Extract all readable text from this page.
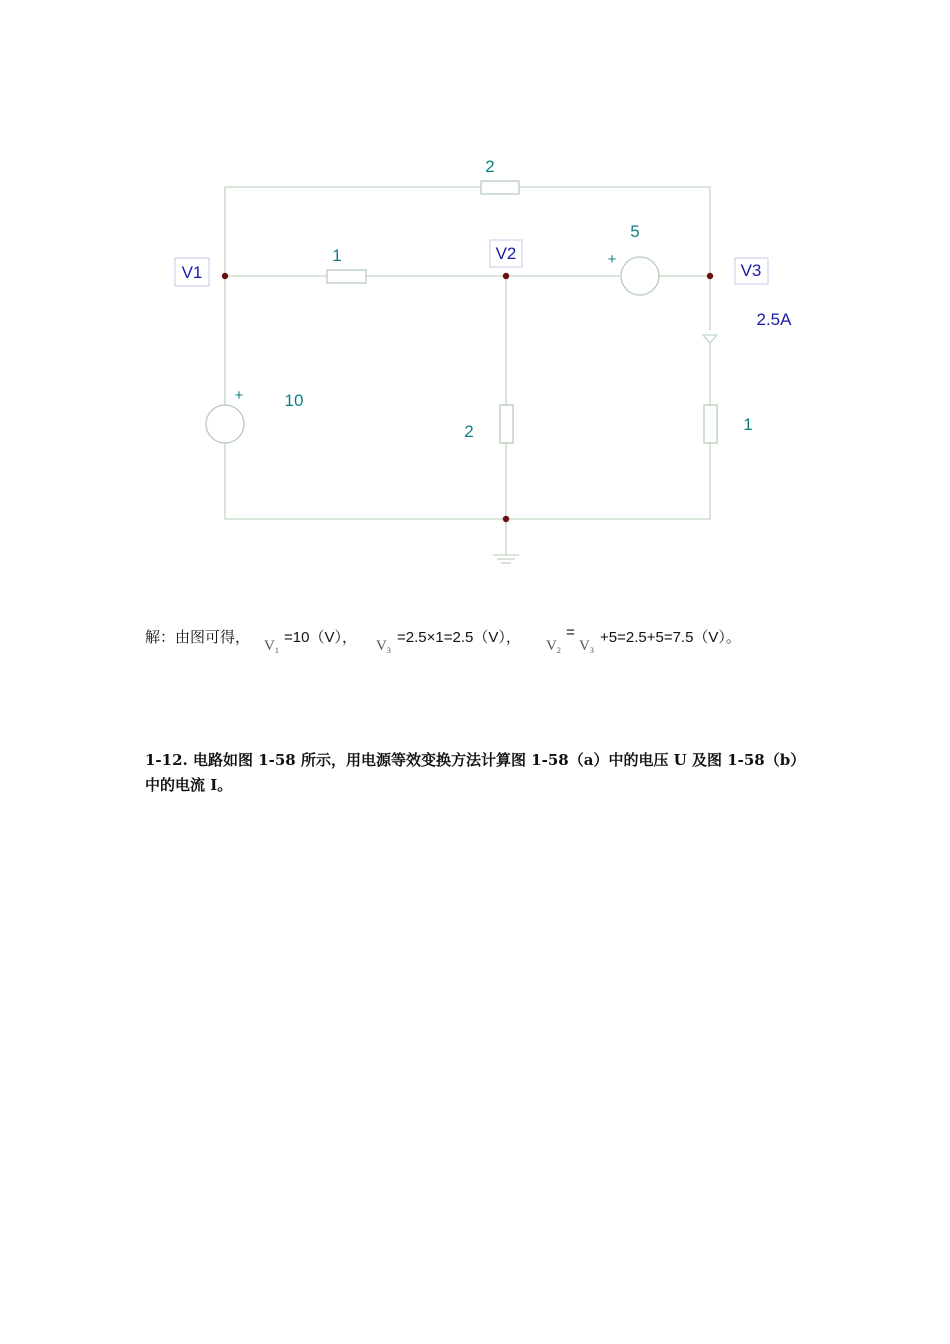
V1
V2
V3
2
1
2	1
10
5
+
+
2.5A
解：由图可得， $V_1$
=10（V）， $V_3$
=2.5×1=2.5（V）， $V_2$
=
$V_3$
+5=2.5+5=7.5（V）。
1-12. 电路如图 1-58 所示，用电源等效变换方法计算图 1-58（a）中的电压 U 及图 1-58（b）中的电流 I。
